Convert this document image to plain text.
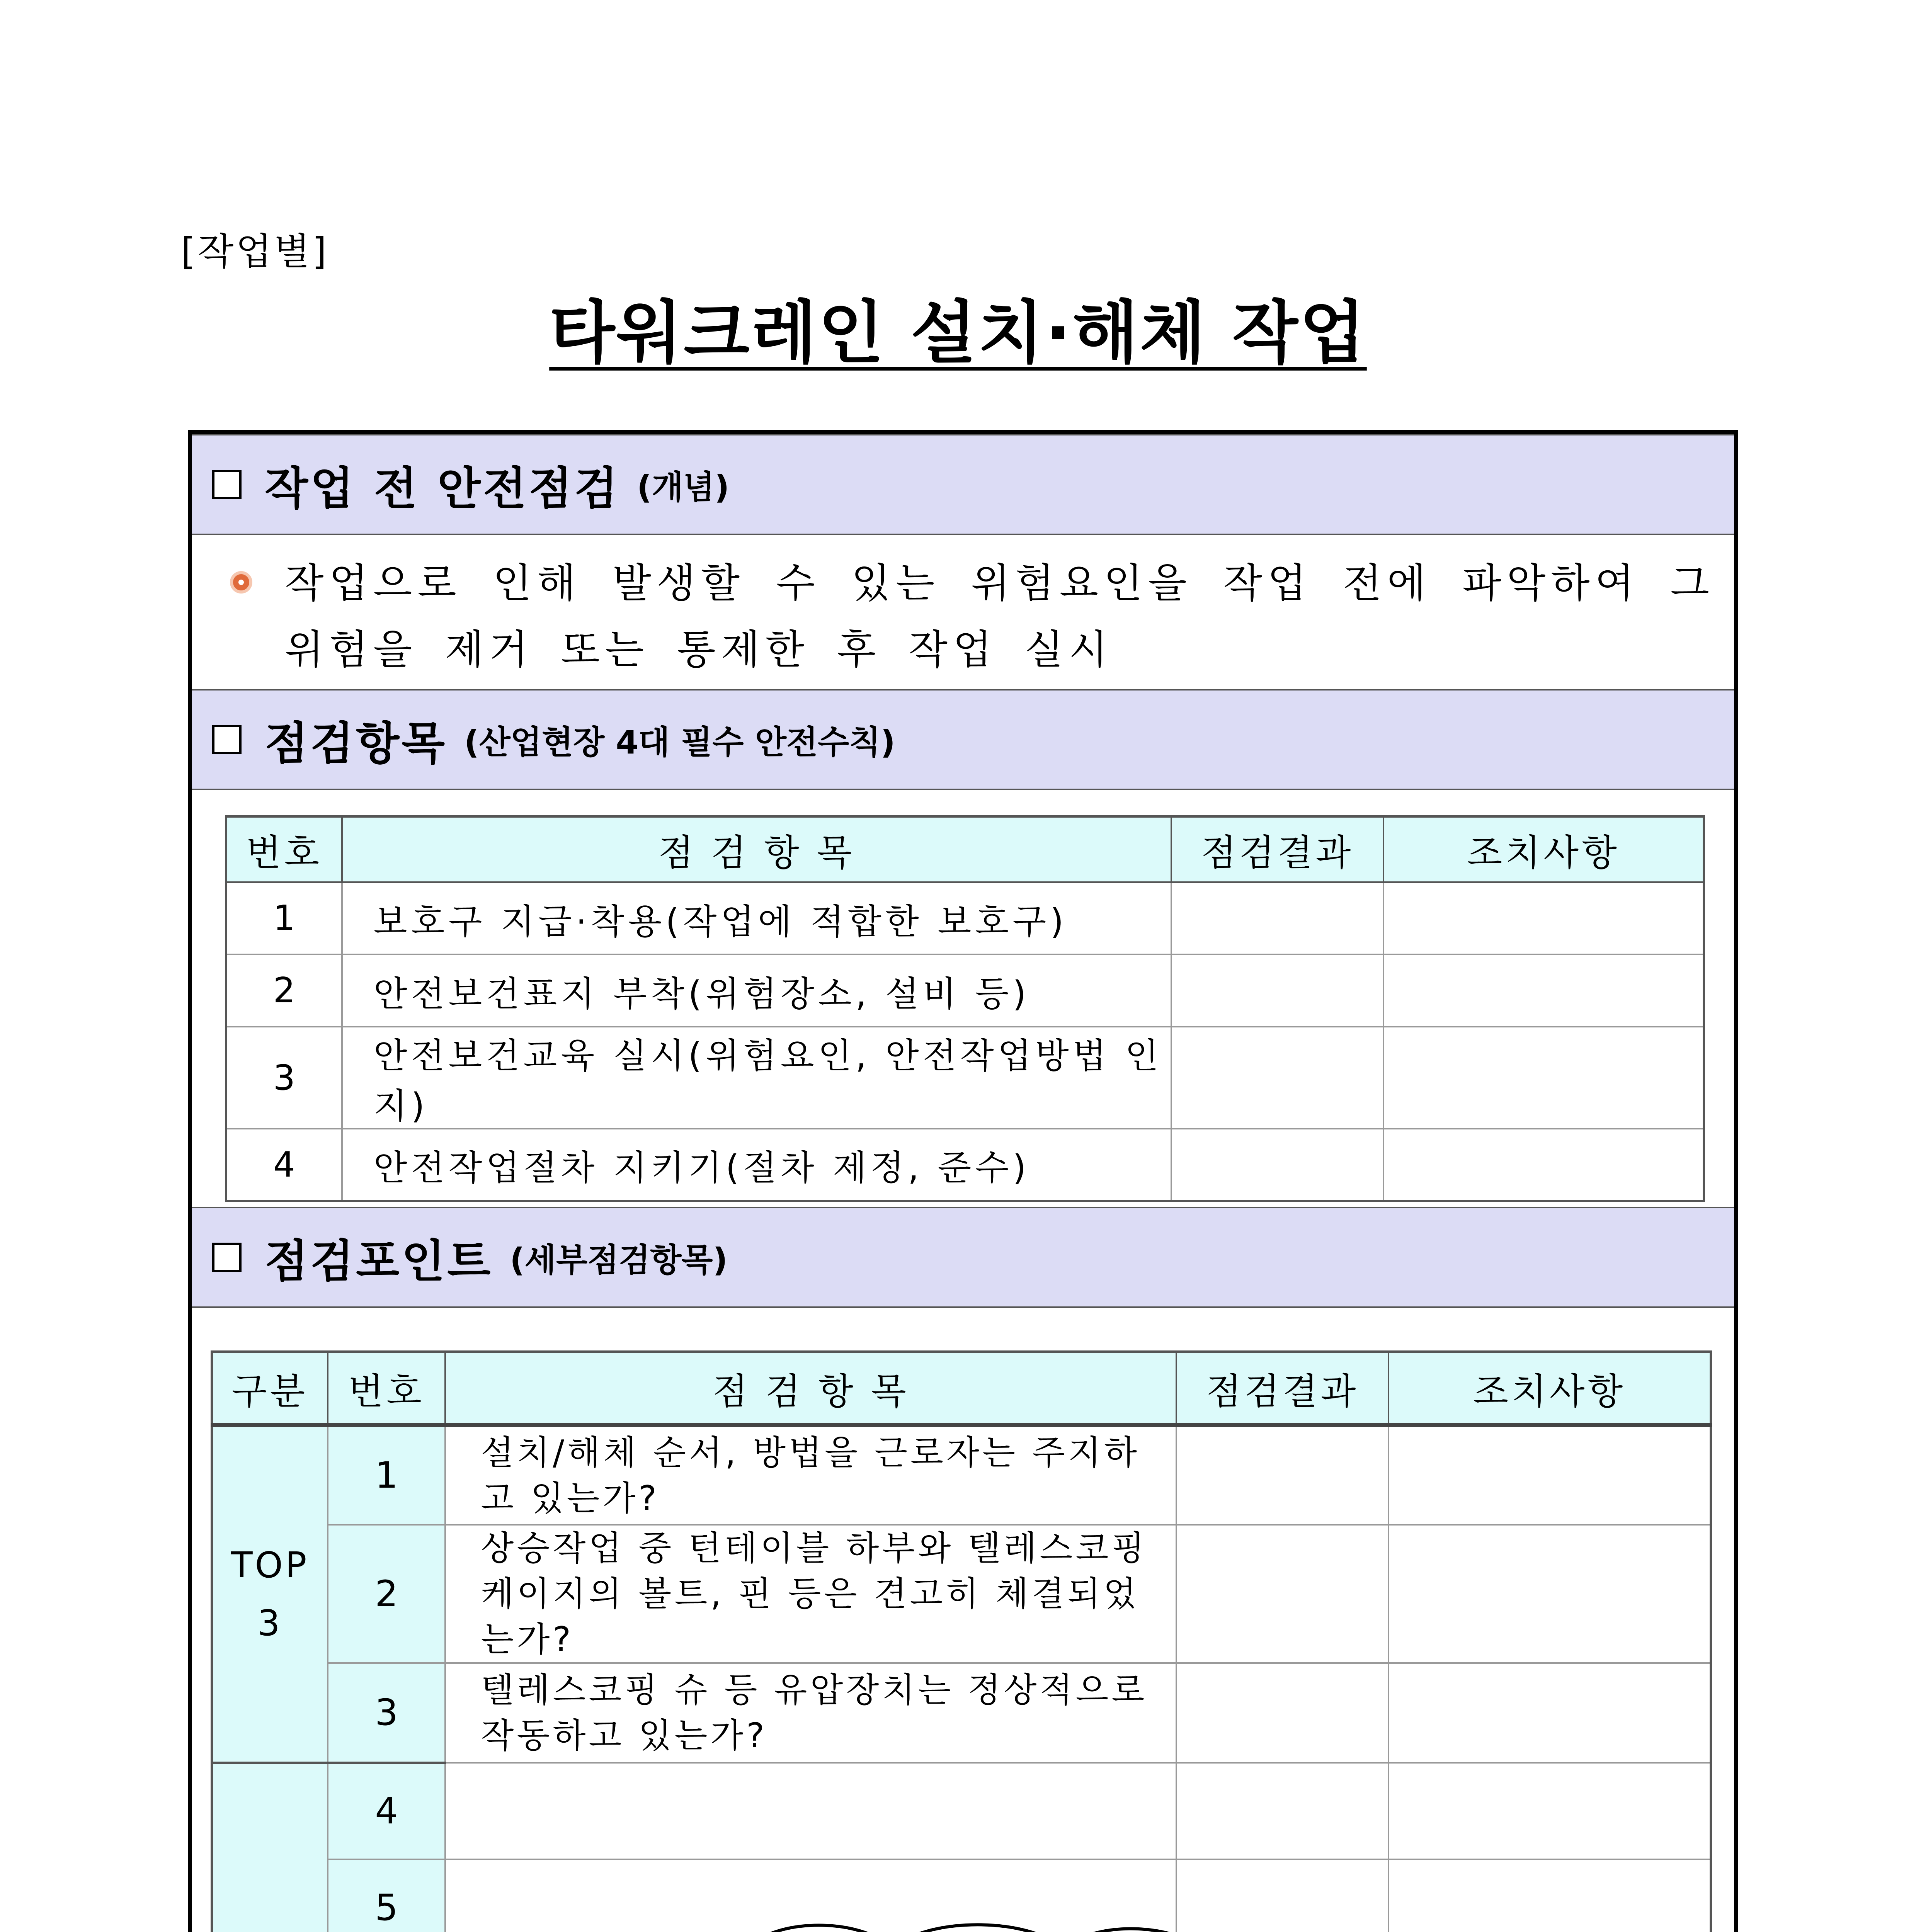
[작업별]
타워크레인 설치·해체 작업
작업 전 안전점검 (개념)
작업으로 인해 발생할 수 있는 위험요인을 작업 전에 파악하여 그 위험을 제거 또는 통제한 후 작업 실시
점검항목 (산업현장 4대 필수 안전수칙)
점검포인트 (세부점검항목)
번호	점 검 항 목	점검결과	조치사항
1	보호구 지급·착용(작업에 적합한 보호구)		
2	안전보건표지 부착(위험장소, 설비 등)		
3	안전보건교육 실시(위험요인, 안전작업방법 인지)		
4	안전작업절차 지키기(절차 제정, 준수)		
구분	번호	점 검 항 목	점검결과	조치사항
TOP 3	1	설치/해체 순서, 방법을 근로자는 주지하고 있는가?		
	2	상승작업 중 턴테이블 하부와 텔레스코핑케이지의 볼트, 핀 등은 견고히 체결되었는가?		
	3	텔레스코핑 슈 등 유압장치는 정상적으로 작동하고 있는가?		
	4			
	5			
